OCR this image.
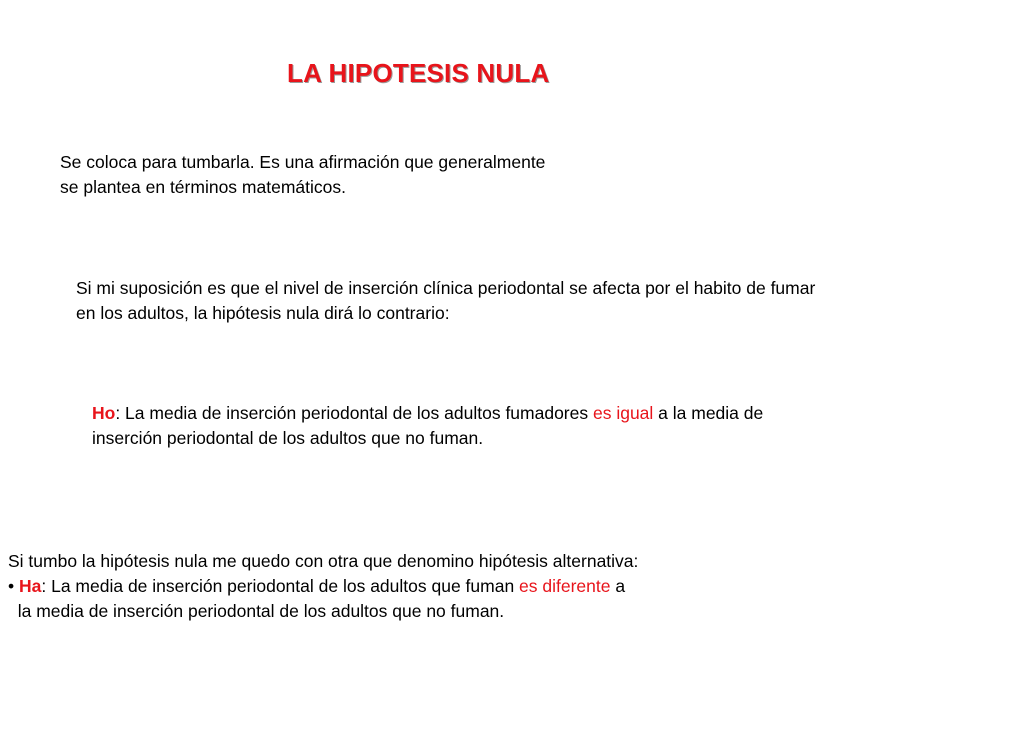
LA HIPOTESIS NULA

Se coloca para tumbarla. Es una afirmación que generalmente
se plantea en términos matemáticos.

Si mi suposición es que el nivel de inserción clínica periodontal se afecta por el habito de fumar
en los adultos, la hipótesis nula dirá lo contrario:

Ho: La media de inserción periodontal de los adultos fumadores es igual a la media de
inserción periodontal de los adultos que no fuman.

Si tumbo la hipótesis nula me quedo con otra que denomino hipótesis alternativa:
• Ha: La media de inserción periodontal de los adultos que fuman es diferente a
la media de inserción periodontal de los adultos que no fuman.
